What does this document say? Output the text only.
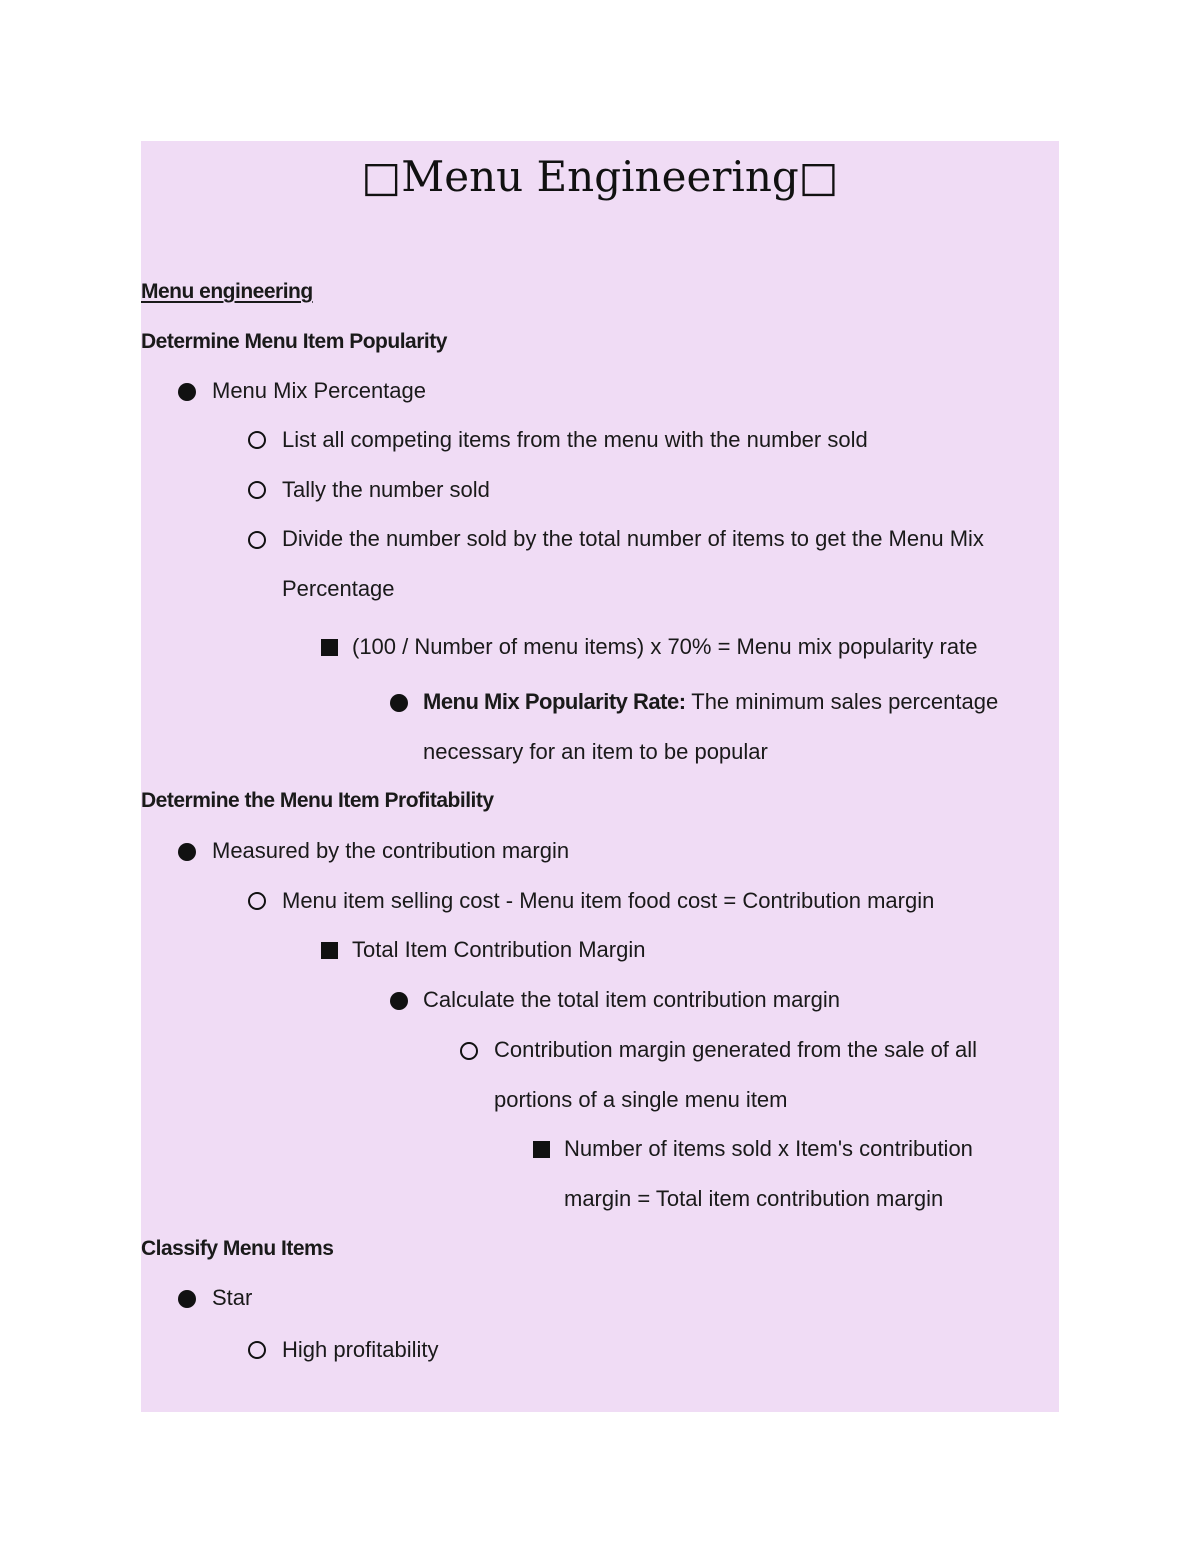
□Menu Engineering□
Menu engineering
Determine Menu Item Popularity
Menu Mix Percentage
List all competing items from the menu with the number sold
Tally the number sold
Divide the number sold by the total number of items to get the Menu Mix Percentage
(100 / Number of menu items) x 70% = Menu mix popularity rate
Menu Mix Popularity Rate: The minimum sales percentage necessary for an item to be popular
Determine the Menu Item Profitability
Measured by the contribution margin
Menu item selling cost - Menu item food cost = Contribution margin
Total Item Contribution Margin
Calculate the total item contribution margin
Contribution margin generated from the sale of all portions of a single menu item
Number of items sold x Item's contribution margin = Total item contribution margin
Classify Menu Items
Star
High profitability
